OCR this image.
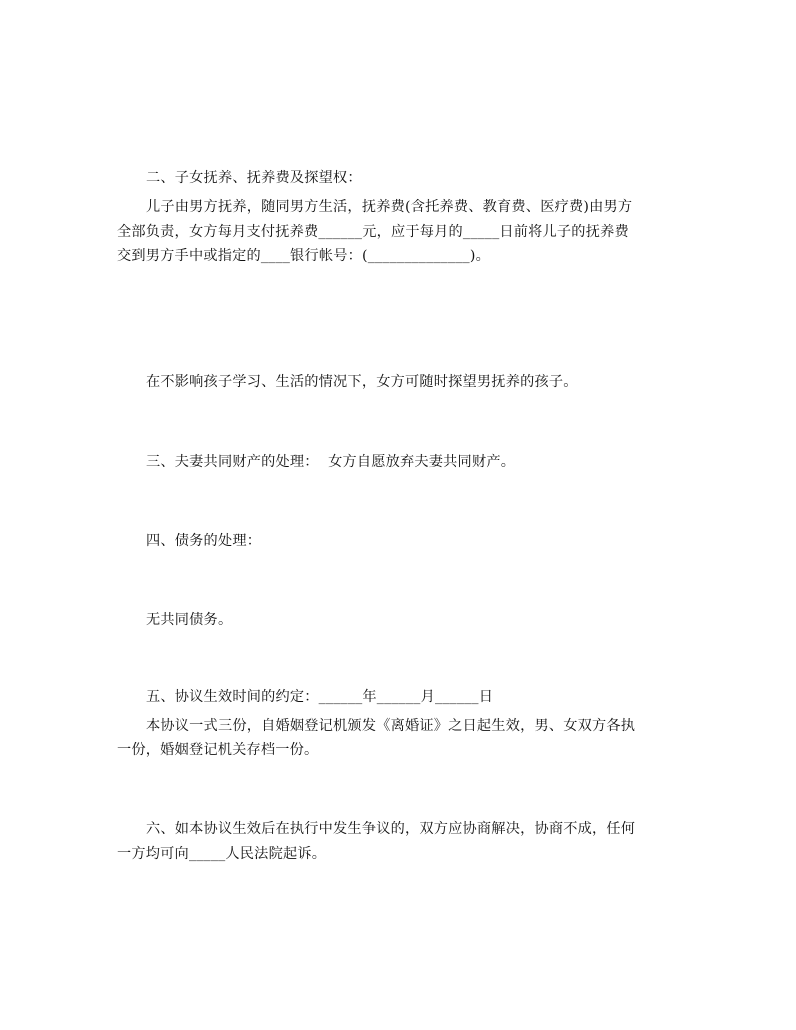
二、子女抚养、抚养费及探望权：

儿子由男方抚养，随同男方生活，抚养费(含托养费、教育费、医疗费)由男方
全部负责，女方每月支付抚养费______元，应于每月的_____日前将儿子的抚养费
交到男方手中或指定的____银行帐号：(______________)。

在不影响孩子学习、生活的情况下，女方可随时探望男抚养的孩子。

三、夫妻共同财产的处理：  女方自愿放弃夫妻共同财产。

四、债务的处理：

无共同债务。

五、协议生效时间的约定：______年______月______日

本协议一式三份，自婚姻登记机颁发《离婚证》之日起生效，男、女双方各执
一份，婚姻登记机关存档一份。
六、如本协议生效后在执行中发生争议的，双方应协商解决，协商不成，任何
一方均可向_____人民法院起诉。
